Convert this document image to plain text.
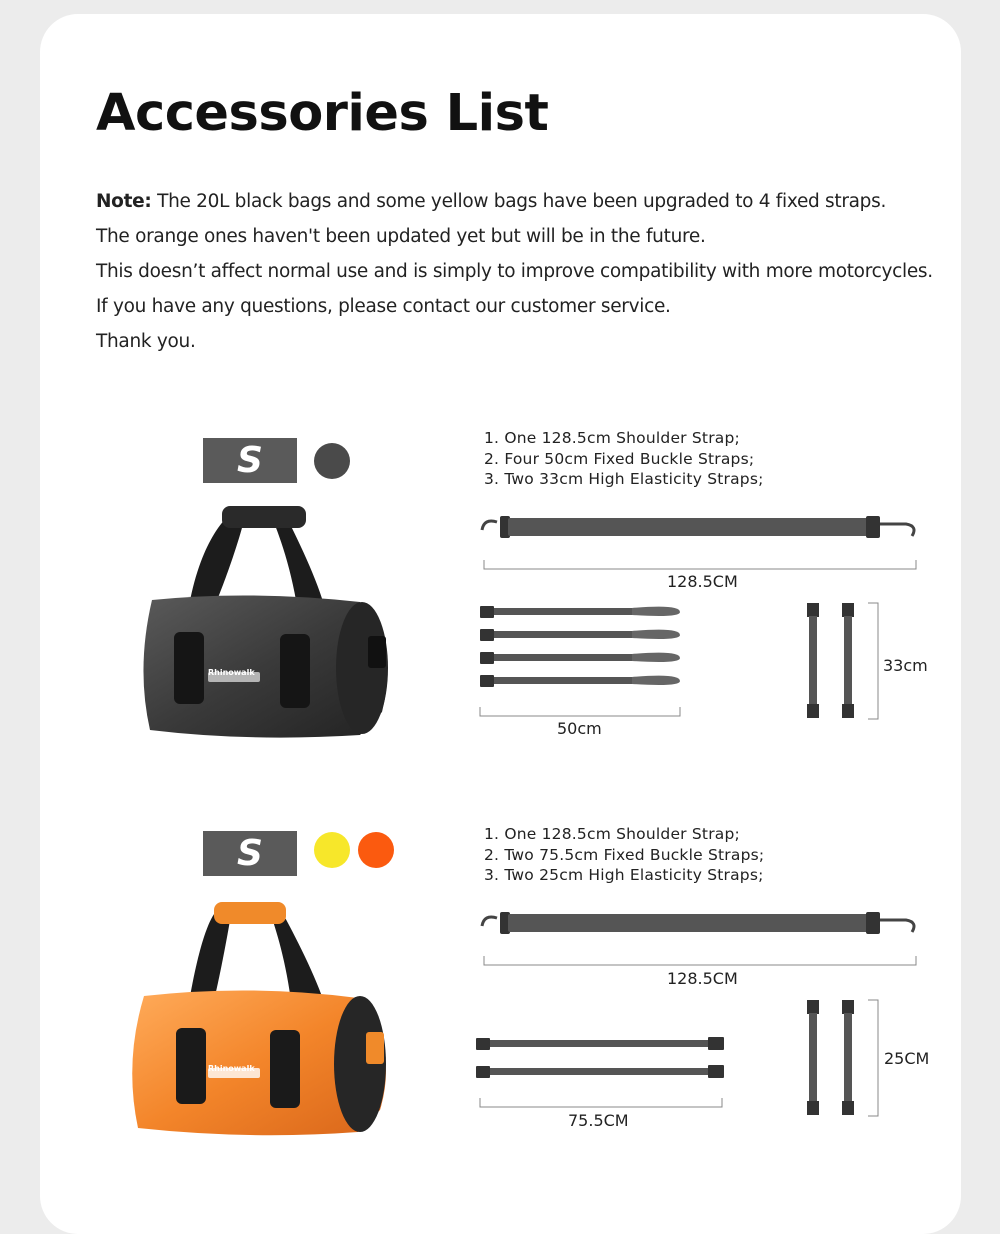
Accessories List
Note: The 20L black bags and some yellow bags have been upgraded to 4 fixed straps.
The orange ones haven't been updated yet but will be in the future.
This doesn’t affect normal use and is simply to improve compatibility with more motorcycles.
If you have any questions, please contact our customer service.
Thank you.
S
1. One 128.5cm Shoulder Strap;
2. Four 50cm Fixed Buckle Straps;
3. Two 33cm High Elasticity Straps;
128.5CM
50cm
33cm
S	1. One 128.5cm Shoulder Strap;
2. Two 75.5cm Fixed Buckle Straps;
3. Two 25cm High Elasticity Straps;
128.5CM
75.5CM
25CM
Rhinowalk
Rhinowalk
